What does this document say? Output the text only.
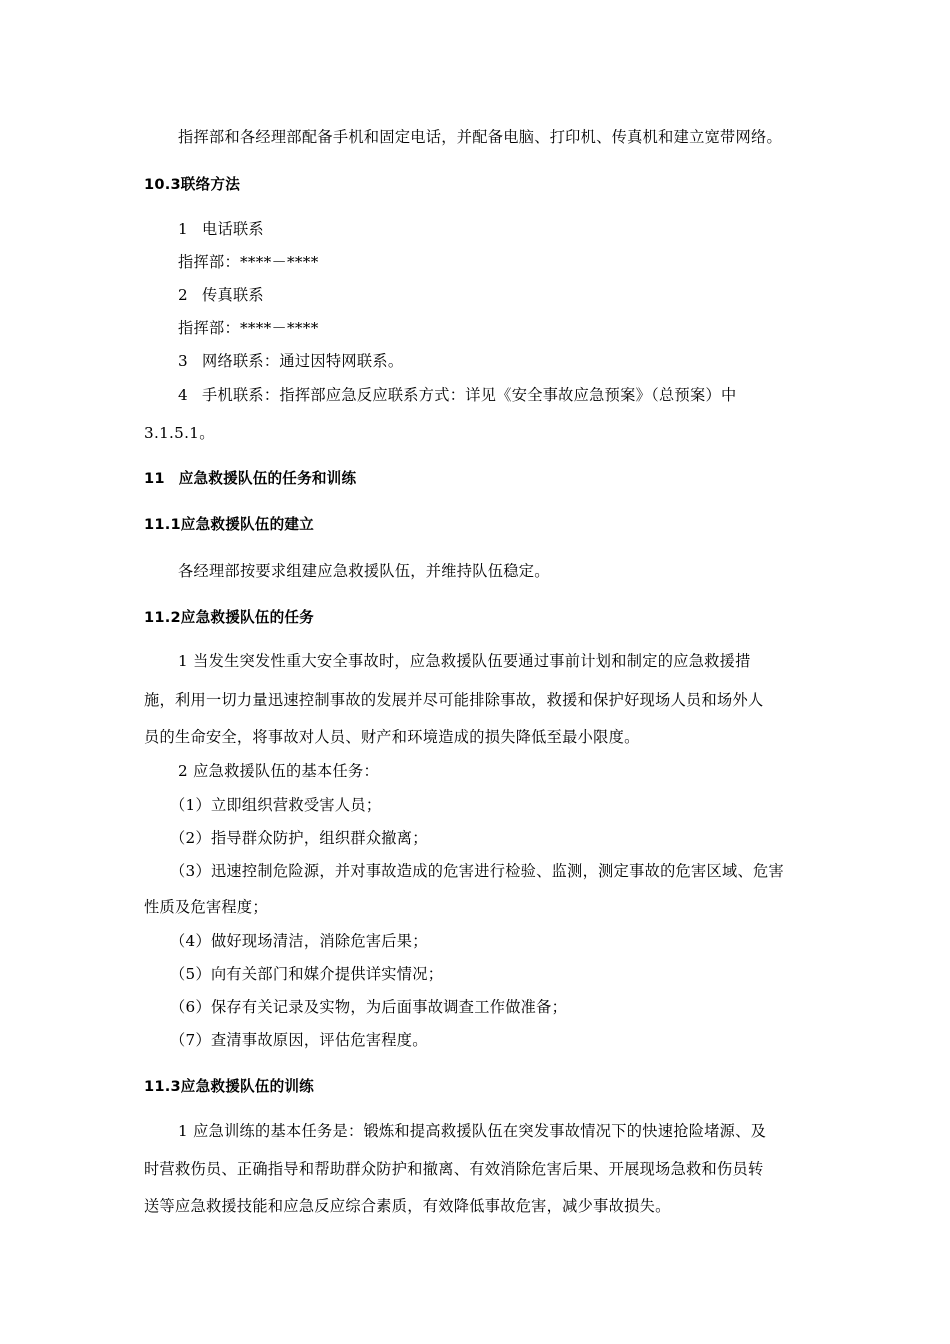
指挥部和各经理部配备手机和固定电话，并配备电脑、打印机、传真机和建立宽带网络。
10.3联络方法
1 电话联系
指挥部：****－****
2 传真联系
指挥部：****－****
3 网络联系：通过因特网联系。
4 手机联系：指挥部应急反应联系方式：详见《安全事故应急预案》（总预案）中
3.1.5.1。
11 应急救援队伍的任务和训练
11.1应急救援队伍的建立
各经理部按要求组建应急救援队伍，并维持队伍稳定。
11.2应急救援队伍的任务
1 当发生突发性重大安全事故时，应急救援队伍要通过事前计划和制定的应急救援措
施，利用一切力量迅速控制事故的发展并尽可能排除事故，救援和保护好现场人员和场外人
员的生命安全，将事故对人员、财产和环境造成的损失降低至最小限度。
2 应急救援队伍的基本任务：
（1）立即组织营救受害人员；
（2）指导群众防护，组织群众撤离；
（3）迅速控制危险源，并对事故造成的危害进行检验、监测，测定事故的危害区域、危害
性质及危害程度；
（4）做好现场清洁，消除危害后果；
（5）向有关部门和媒介提供详实情况；
（6）保存有关记录及实物，为后面事故调查工作做准备；
（7）查清事故原因，评估危害程度。
11.3应急救援队伍的训练
1 应急训练的基本任务是：锻炼和提高救援队伍在突发事故情况下的快速抢险堵源、及
时营救伤员、正确指导和帮助群众防护和撤离、有效消除危害后果、开展现场急救和伤员转
送等应急救援技能和应急反应综合素质，有效降低事故危害，减少事故损失。
